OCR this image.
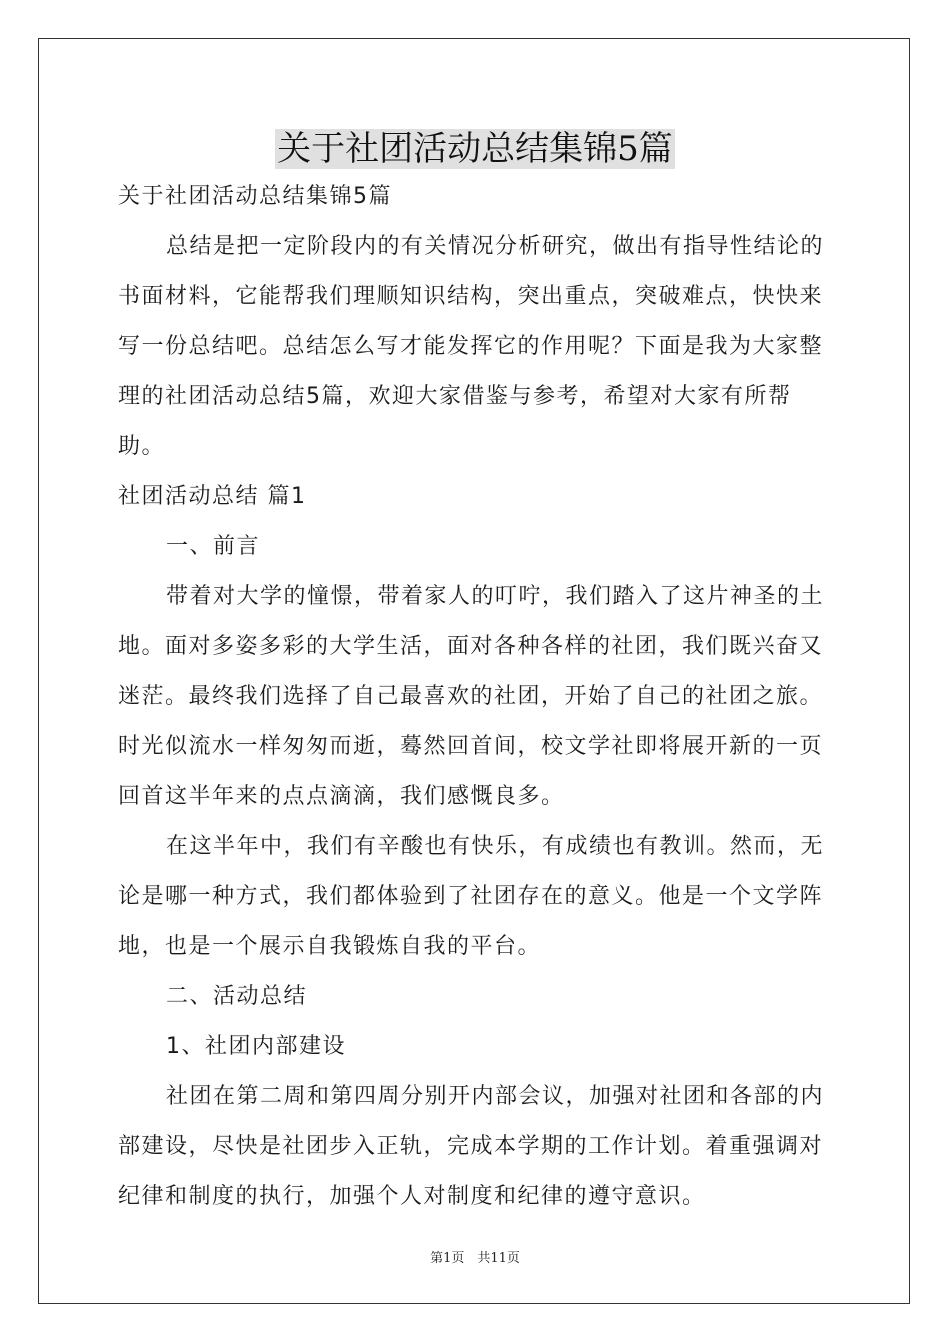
关于社团活动总结集锦5篇

关于社团活动总结集锦5篇

总结是把一定阶段内的有关情况分析研究，做出有指导性结论的书面材料，它能帮我们理顺知识结构，突出重点，突破难点，快快来写一份总结吧。总结怎么写才能发挥它的作用呢？下面是我为大家整理的社团活动总结5篇，欢迎大家借鉴与参考，希望对大家有所帮助。

社团活动总结 篇1

一、前言

带着对大学的憧憬，带着家人的叮咛，我们踏入了这片神圣的土地。面对多姿多彩的大学生活，面对各种各样的社团，我们既兴奋又迷茫。最终我们选择了自己最喜欢的社团，开始了自己的社团之旅。时光似流水一样匆匆而逝，蓦然回首间，校文学社即将展开新的一页回首这半年来的点点滴滴，我们感慨良多。

在这半年中，我们有辛酸也有快乐，有成绩也有教训。然而，无论是哪一种方式，我们都体验到了社团存在的意义。他是一个文学阵地，也是一个展示自我锻炼自我的平台。

二、活动总结

1、社团内部建设

社团在第二周和第四周分别开内部会议，加强对社团和各部的内部建设，尽快是社团步入正轨，完成本学期的工作计划。着重强调对纪律和制度的执行，加强个人对制度和纪律的遵守意识。

第1页　共11页
